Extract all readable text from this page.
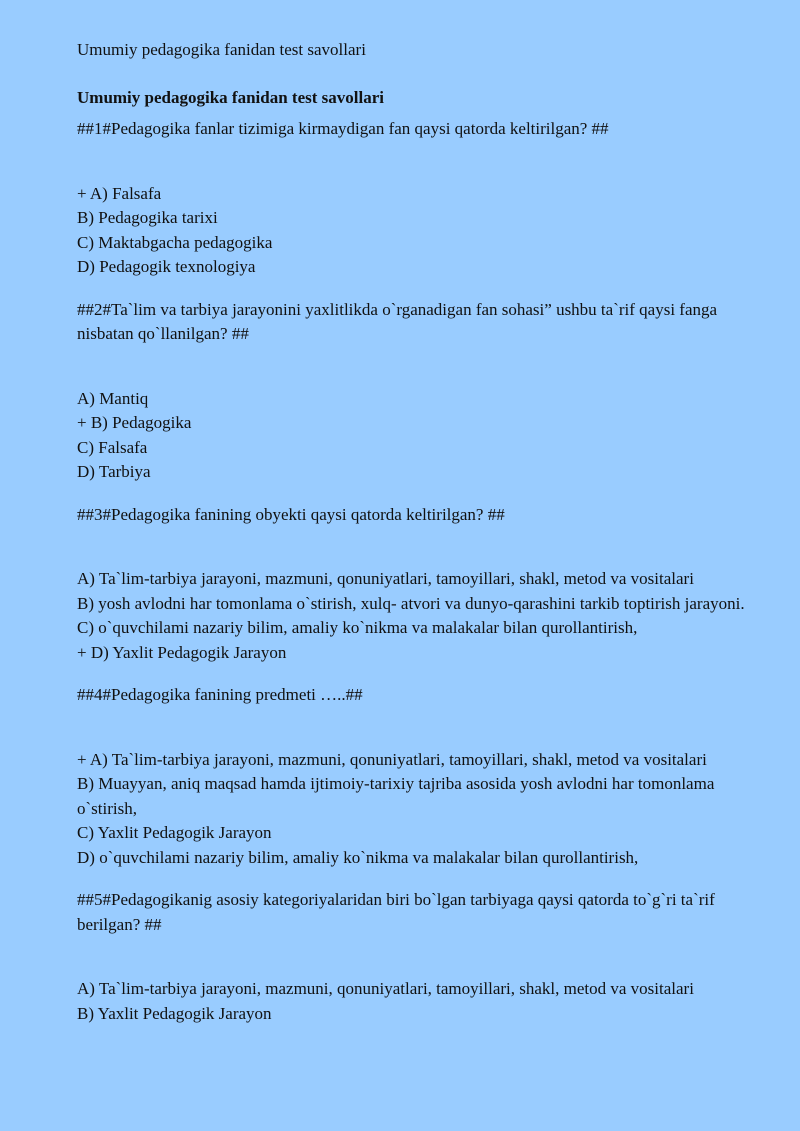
Umumiy pedagogika fanidan test savollari
Umumiy pedagogika fanidan test savollari
##1#Pedagogika fanlar tizimiga kirmaydigan fan qaysi qatorda keltirilgan? ##
+ A) Falsafa
B) Pedagogika tarixi
C) Maktabgacha pedagogika
D) Pedagogik texnologiya
##2#Ta`lim va tarbiya jarayonini yaxlitlikda o`rganadigan fan sohasi” ushbu ta`rif qaysi fanga nisbatan qo`llanilgan? ##
A) Mantiq
+ B) Pedagogika
C) Falsafa
D) Tarbiya
##3#Pedagogika fanining obyekti qaysi qatorda keltirilgan? ##
A) Ta`lim-tarbiya jarayoni, mazmuni, qonuniyatlari, tamoyillari, shakl, metod va vositalari
B) yosh avlodni har tomonlama o`stirish, xulq- atvori va dunyo-qarashini tarkib toptirish jarayoni.
C) o`quvchilami nazariy bilim, amaliy ko`nikma va malakalar bilan qurollantirish,
+ D) Yaxlit Pedagogik Jarayon
##4#Pedagogika fanining predmeti …..##
+ A) Ta`lim-tarbiya jarayoni, mazmuni, qonuniyatlari, tamoyillari, shakl, metod va vositalari
B) Muayyan, aniq maqsad hamda ijtimoiy-tarixiy tajriba asosida yosh avlodni har tomonlama o`stirish,
C) Yaxlit Pedagogik Jarayon
D) o`quvchilami nazariy bilim, amaliy ko`nikma va malakalar bilan qurollantirish,
##5#Pedagogikanig asosiy kategoriyalaridan biri bo`lgan tarbiyaga qaysi qatorda to`g`ri ta`rif berilgan? ##
A) Ta`lim-tarbiya jarayoni, mazmuni, qonuniyatlari, tamoyillari, shakl, metod va vositalari
B) Yaxlit Pedagogik Jarayon
